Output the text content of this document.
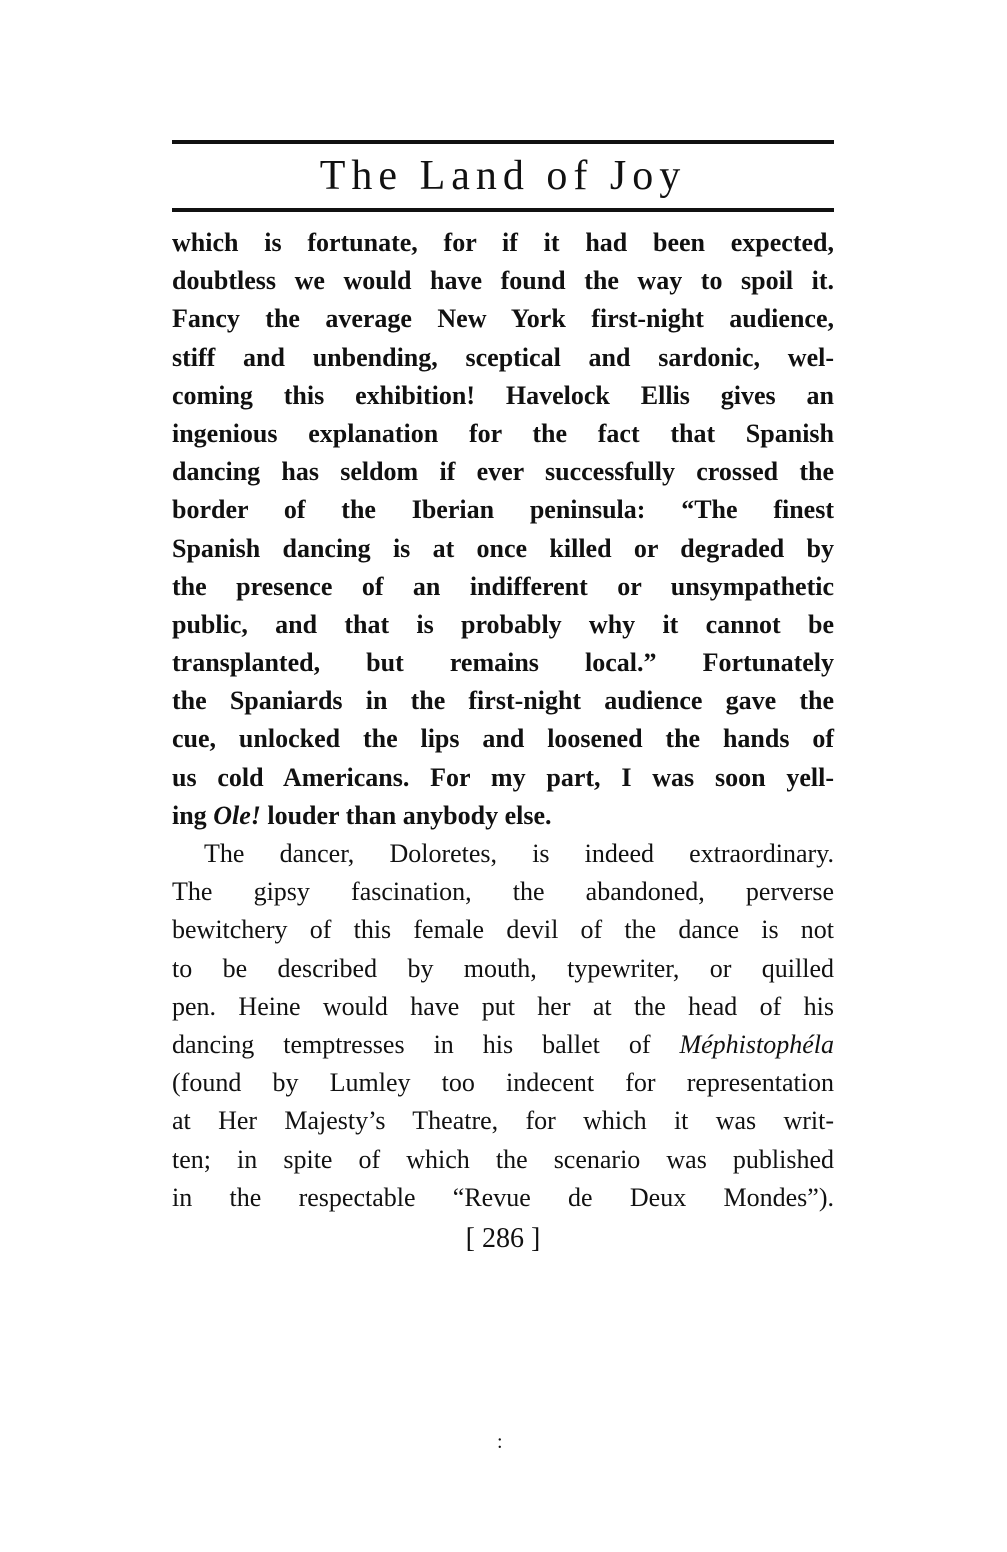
The Land of Joy
which is fortunate, for if it had been expected,
doubtless we would have found the way to spoil it.
Fancy the average New York first-night audience,
stiff and unbending, sceptical and sardonic, wel-
coming this exhibition! Havelock Ellis gives an
ingenious explanation for the fact that Spanish
dancing has seldom if ever successfully crossed the
border of the Iberian peninsula: “The finest
Spanish dancing is at once killed or degraded by
the presence of an indifferent or unsympathetic
public, and that is probably why it cannot be
transplanted, but remains local.” Fortunately
the Spaniards in the first-night audience gave the
cue, unlocked the lips and loosened the hands of
us cold Americans. For my part, I was soon yell-
ing Ole! louder than anybody else.
The dancer, Doloretes, is indeed extraordinary.
The gipsy fascination, the abandoned, perverse
bewitchery of this female devil of the dance is not
to be described by mouth, typewriter, or quilled
pen. Heine would have put her at the head of his
dancing temptresses in his ballet of Méphistophéla
(found by Lumley too indecent for representation
at Her Majesty’s Theatre, for which it was writ-
ten; in spite of which the scenario was published
in the respectable “Revue de Deux Mondes”).
[ 286 ]
:
